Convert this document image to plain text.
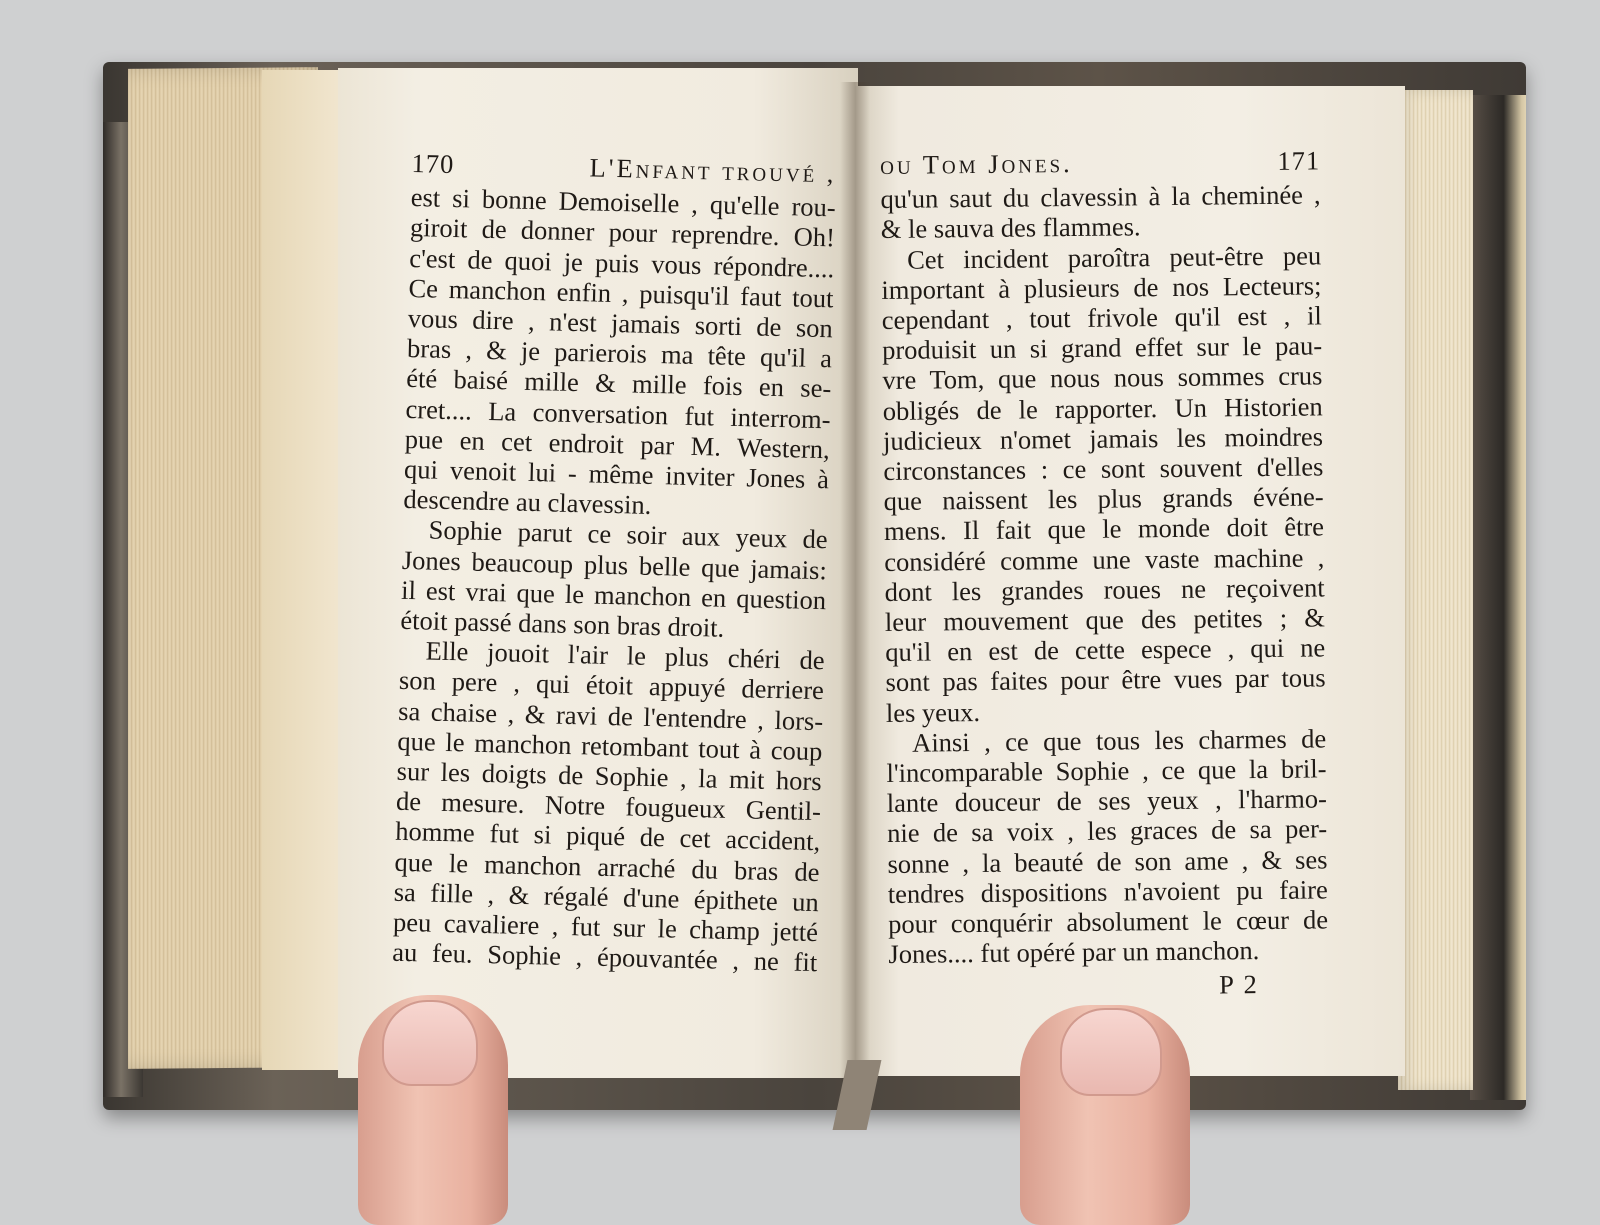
170	L'Enfant trouvé ,
est si bonne Demoiselle , qu'elle rou-
giroit de donner pour reprendre. Oh!
c'est de quoi je puis vous répondre....
Ce manchon enfin , puisqu'il faut tout
vous dire , n'est jamais sorti de son
bras , & je parierois ma tête qu'il a
été baisé mille & mille fois en se-
cret.... La conversation fut interrom-
pue en cet endroit par M. Western,
qui venoit lui - même inviter Jones à
descendre au clavessin.
Sophie parut ce soir aux yeux de
Jones beaucoup plus belle que jamais:
il est vrai que le manchon en question
étoit passé dans son bras droit.
Elle jouoit l'air le plus chéri de
son pere , qui étoit appuyé derriere
sa chaise , & ravi de l'entendre , lors-
que le manchon retombant tout à coup
sur les doigts de Sophie , la mit hors
de mesure. Notre fougueux Gentil-
homme fut si piqué de cet accident,
que le manchon arraché du bras de
sa fille , & régalé d'une épithete un
peu cavaliere , fut sur le champ jetté
au feu. Sophie , épouvantée , ne fit
ou Tom Jones.	171
qu'un saut du clavessin à la cheminée ,
& le sauva des flammes.
Cet incident paroîtra peut-être peu
important à plusieurs de nos Lecteurs;
cependant , tout frivole qu'il est , il
produisit un si grand effet sur le pau-
vre Tom, que nous nous sommes crus
obligés de le rapporter. Un Historien
judicieux n'omet jamais les moindres
circonstances : ce sont souvent d'elles
que naissent les plus grands événe-
mens. Il fait que le monde doit être
considéré comme une vaste machine ,
dont les grandes roues ne reçoivent
leur mouvement que des petites ; &
qu'il en est de cette espece , qui ne
sont pas faites pour être vues par tous
les yeux.
Ainsi , ce que tous les charmes de
l'incomparable Sophie , ce que la bril-
lante douceur de ses yeux , l'harmo-
nie de sa voix , les graces de sa per-
sonne , la beauté de son ame , & ses
tendres dispositions n'avoient pu faire
pour conquérir absolument le cœur de
Jones.... fut opéré par un manchon.
P 2
